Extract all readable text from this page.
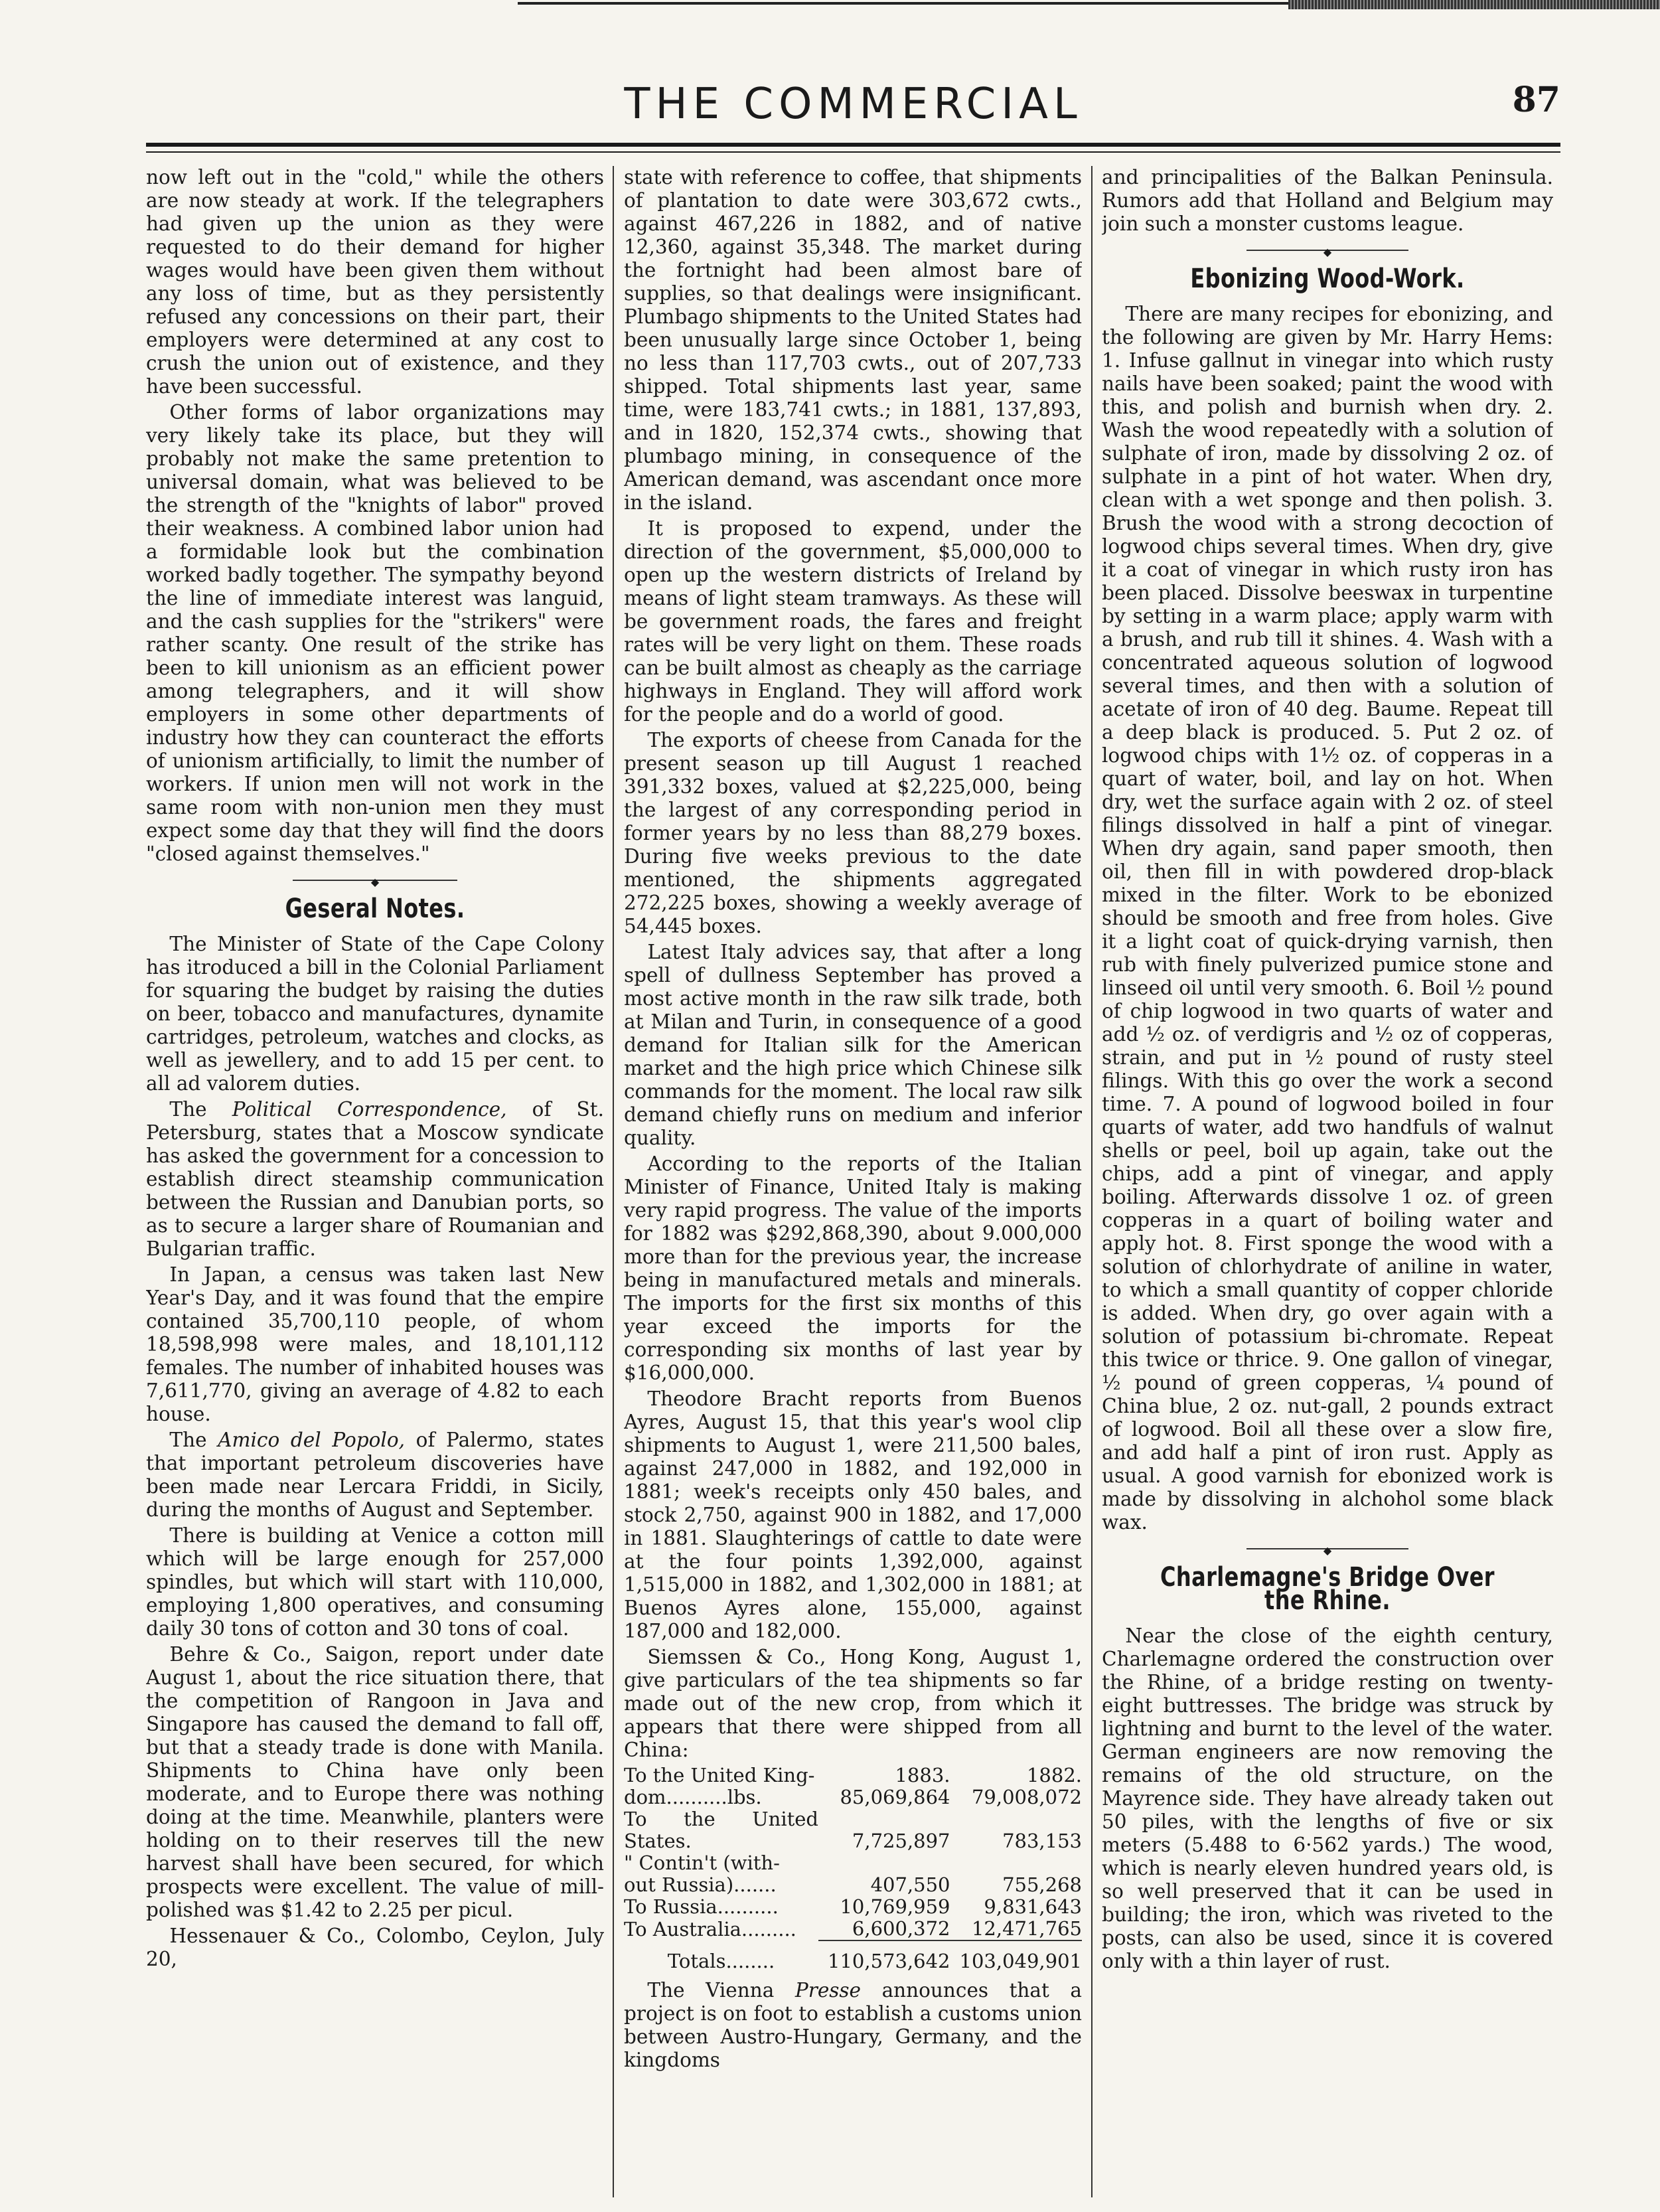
THE COMMERCIAL	87

now left out in the "cold," while the others are now steady at work. If the telegraphers had given up the union as they were requested to do their demand for higher wages would have been given them without any loss of time, but as they persistently refused any concessions on their part, their employers were determined at any cost to crush the union out of existence, and they have been successful.

Other forms of labor organizations may very likely take its place, but they will probably not make the same pretention to universal domain, what was believed to be the strength of the "knights of labor" proved their weakness. A combined labor union had a formidable look but the combination worked badly together. The sympathy beyond the line of immediate interest was languid, and the cash supplies for the "strikers" were rather scanty. One result of the strike has been to kill unionism as an efficient power among telegraphers, and it will show employers in some other departments of industry how they can counteract the efforts of unionism artificially, to limit the number of workers. If union men will not work in the same room with non-union men they must expect some day that they will find the doors "closed against themselves."

◆
Geseral Notes.

The Minister of State of the Cape Colony has itroduced a bill in the Colonial Parliament for squaring the budget by raising the duties on beer, tobacco and manufactures, dynamite cartridges, petroleum, watches and clocks, as well as jewellery, and to add 15 per cent. to all ad valorem duties.

The Political Correspondence, of St. Petersburg, states that a Moscow syndicate has asked the government for a concession to establish direct steamship communication between the Russian and Danubian ports, so as to secure a larger share of Roumanian and Bulgarian traffic.

In Japan, a census was taken last New Year's Day, and it was found that the empire contained 35,700,110 people, of whom 18,598,998 were males, and 18,101,112 females. The number of inhabited houses was 7,611,770, giving an average of 4.82 to each house.

The Amico del Popolo, of Palermo, states that important petroleum discoveries have been made near Lercara Friddi, in Sicily, during the months of August and September.

There is building at Venice a cotton mill which will be large enough for 257,000 spindles, but which will start with 110,000, employing 1,800 operatives, and consuming daily 30 tons of cotton and 30 tons of coal.

Behre & Co., Saigon, report under date August 1, about the rice situation there, that the competition of Rangoon in Java and Singapore has caused the demand to fall off, but that a steady trade is done with Manila. Shipments to China have only been moderate, and to Europe there was nothing doing at the time. Meanwhile, planters were holding on to their reserves till the new harvest shall have been secured, for which prospects were excellent. The value of mill-polished was $1.42 to 2.25 per picul.

Hessenauer & Co., Colombo, Ceylon, July 20,

state with reference to coffee, that shipments of plantation to date were 303,672 cwts., against 467,226 in 1882, and of native 12,360, against 35,348. The market during the fortnight had been almost bare of supplies, so that dealings were insignificant. Plumbago shipments to the United States had been unusually large since October 1, being no less than 117,703 cwts., out of 207,733 shipped. Total shipments last year, same time, were 183,741 cwts.; in 1881, 137,893, and in 1820, 152,374 cwts., showing that plumbago mining, in consequence of the American demand, was ascendant once more in the island.

It is proposed to expend, under the direction of the government, $5,000,000 to open up the western districts of Ireland by means of light steam tramways. As these will be government roads, the fares and freight rates will be very light on them. These roads can be built almost as cheaply as the carriage highways in England. They will afford work for the people and do a world of good.

The exports of cheese from Canada for the present season up till August 1 reached 391,332 boxes, valued at $2,225,000, being the largest of any corresponding period in former years by no less than 88,279 boxes. During five weeks previous to the date mentioned, the shipments aggregated 272,225 boxes, showing a weekly average of 54,445 boxes.

Latest Italy advices say, that after a long spell of dullness September has proved a most active month in the raw silk trade, both at Milan and Turin, in consequence of a good demand for Italian silk for the American market and the high price which Chinese silk commands for the moment. The local raw silk demand chiefly runs on medium and inferior quality.

According to the reports of the Italian Minister of Finance, United Italy is making very rapid progress. The value of the imports for 1882 was $292,868,390, about 9.000,000 more than for the previous year, the increase being in manufactured metals and minerals. The imports for the first six months of this year exceed the imports for the corresponding six months of last year by $16,000,000.

Theodore Bracht reports from Buenos Ayres, August 15, that this year's wool clip shipments to August 1, were 211,500 bales, against 247,000 in 1882, and 192,000 in 1881; week's receipts only 450 bales, and stock 2,750, against 900 in 1882, and 17,000 in 1881. Slaughterings of cattle to date were at the four points 1,392,000, against 1,515,000 in 1882, and 1,302,000 in 1881; at Buenos Ayres alone, 155,000, against 187,000 and 182,000.

Siemssen & Co., Hong Kong, August 1, give particulars of the tea shipments so far made out of the new crop, from which it appears that there were shipped from all China:

To the United King-	1883.	1882.
dom..........lbs.	85,069,864	79,008,072
To the United States.	7,725,897	783,153
" Contin't (with-		
out Russia).......	407,550	755,268
To Russia..........	10,769,959	9,831,643
To Australia.........	6,600,372	12,471,765
Totals........	110,573,642	103,049,901

The Vienna Presse announces that a project is on foot to establish a customs union between Austro-Hungary, Germany, and the kingdoms

and principalities of the Balkan Peninsula. Rumors add that Holland and Belgium may join such a monster customs league.

◆
Ebonizing Wood-Work.

There are many recipes for ebonizing, and the following are given by Mr. Harry Hems: 1. Infuse gallnut in vinegar into which rusty nails have been soaked; paint the wood with this, and polish and burnish when dry. 2. Wash the wood repeatedly with a solution of sulphate of iron, made by dissolving 2 oz. of sulphate in a pint of hot water. When dry, clean with a wet sponge and then polish. 3. Brush the wood with a strong decoction of logwood chips several times. When dry, give it a coat of vinegar in which rusty iron has been placed. Dissolve beeswax in turpentine by setting in a warm place; apply warm with a brush, and rub till it shines. 4. Wash with a concentrated aqueous solution of logwood several times, and then with a solution of acetate of iron of 40 deg. Baume. Repeat till a deep black is produced. 5. Put 2 oz. of logwood chips with 1½ oz. of copperas in a quart of water, boil, and lay on hot. When dry, wet the surface again with 2 oz. of steel filings dissolved in half a pint of vinegar. When dry again, sand paper smooth, then oil, then fill in with powdered drop-black mixed in the filter. Work to be ebonized should be smooth and free from holes. Give it a light coat of quick-drying varnish, then rub with finely pulverized pumice stone and linseed oil until very smooth. 6. Boil ½ pound of chip logwood in two quarts of water and add ½ oz. of verdigris and ½ oz of copperas, strain, and put in ½ pound of rusty steel filings. With this go over the work a second time. 7. A pound of logwood boiled in four quarts of water, add two handfuls of walnut shells or peel, boil up again, take out the chips, add a pint of vinegar, and apply boiling. Afterwards dissolve 1 oz. of green copperas in a quart of boiling water and apply hot. 8. First sponge the wood with a solution of chlorhydrate of aniline in water, to which a small quantity of copper chloride is added. When dry, go over again with a solution of potassium bi-chromate. Repeat this twice or thrice. 9. One gallon of vinegar, ½ pound of green copperas, ¼ pound of China blue, 2 oz. nut-gall, 2 pounds extract of logwood. Boil all these over a slow fire, and add half a pint of iron rust. Apply as usual. A good varnish for ebonized work is made by dissolving in alchohol some black wax.

◆
Charlemagne's Bridge Over the Rhine.

Near the close of the eighth century, Charlemagne ordered the construction over the Rhine, of a bridge resting on twenty-eight buttresses. The bridge was struck by lightning and burnt to the level of the water. German engineers are now removing the remains of the old structure, on the Mayrence side. They have already taken out 50 piles, with the lengths of five or six meters (5.488 to 6·562 yards.) The wood, which is nearly eleven hundred years old, is so well preserved that it can be used in building; the iron, which was riveted to the posts, can also be used, since it is covered only with a thin layer of rust.
